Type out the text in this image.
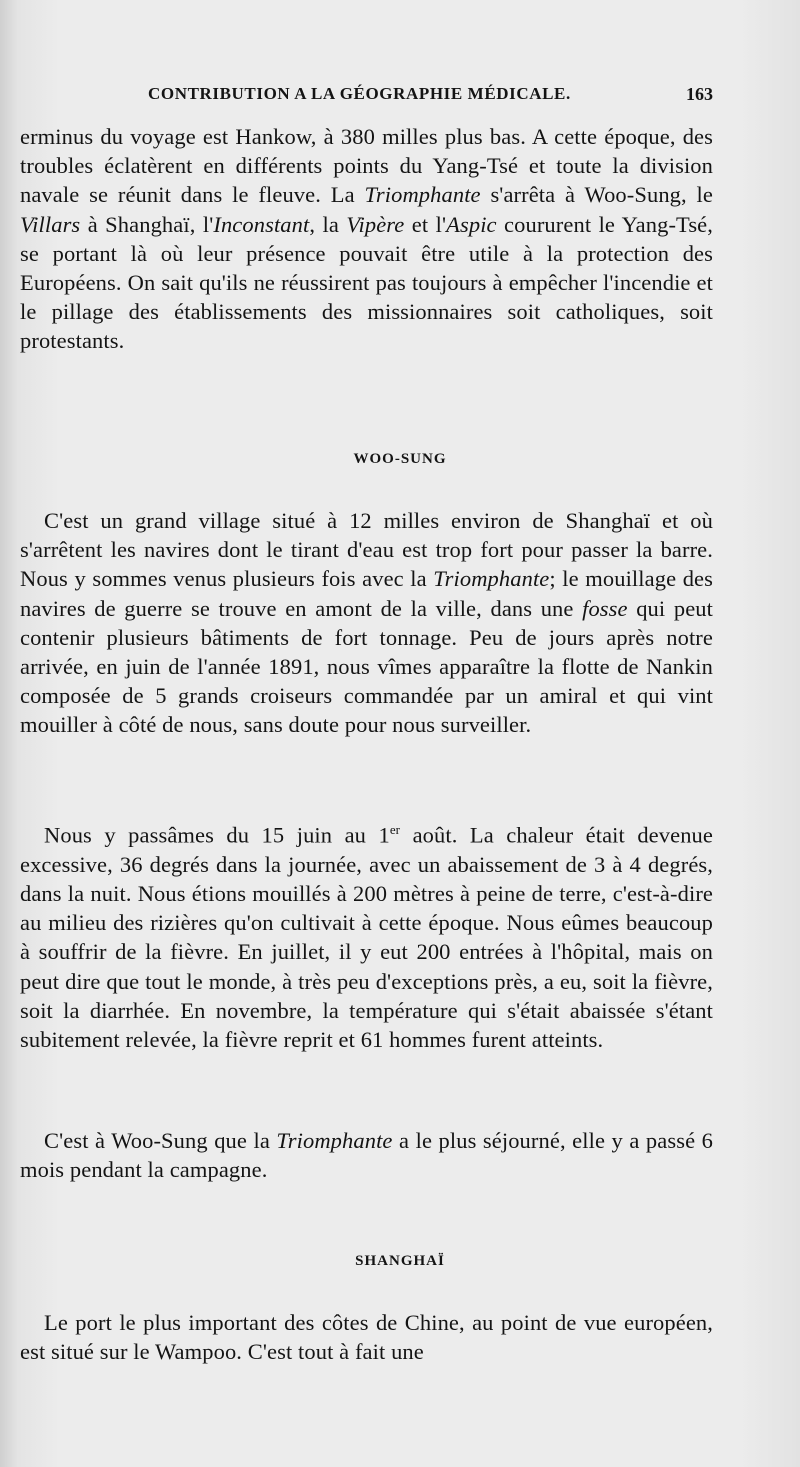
CONTRIBUTION A LA GÉOGRAPHIE MÉDICALE.	163

erminus du voyage est Hankow, à 380 milles plus bas. A cette époque, des troubles éclatèrent en différents points du Yang-Tsé et toute la division navale se réunit dans le fleuve. La Triomphante s'arrêta à Woo-Sung, le Villars à Shanghaï, l'Inconstant, la Vipère et l'Aspic coururent le Yang-Tsé, se portant là où leur présence pouvait être utile à la protection des Européens. On sait qu'ils ne réussirent pas toujours à empêcher l'incendie et le pillage des établissements des missionnaires soit catholiques, soit protestants.

WOO-SUNG

C'est un grand village situé à 12 milles environ de Shanghaï et où s'arrêtent les navires dont le tirant d'eau est trop fort pour passer la barre. Nous y sommes venus plusieurs fois avec la Triomphante; le mouillage des navires de guerre se trouve en amont de la ville, dans une fosse qui peut contenir plusieurs bâtiments de fort tonnage. Peu de jours après notre arrivée, en juin de l'année 1891, nous vîmes apparaître la flotte de Nankin composée de 5 grands croiseurs commandée par un amiral et qui vint mouiller à côté de nous, sans doute pour nous surveiller.

Nous y passâmes du 15 juin au 1er août. La chaleur était devenue excessive, 36 degrés dans la journée, avec un abaissement de 3 à 4 degrés, dans la nuit. Nous étions mouillés à 200 mètres à peine de terre, c'est-à-dire au milieu des rizières qu'on cultivait à cette époque. Nous eûmes beaucoup à souffrir de la fièvre. En juillet, il y eut 200 entrées à l'hôpital, mais on peut dire que tout le monde, à très peu d'exceptions près, a eu, soit la fièvre, soit la diarrhée. En novembre, la température qui s'était abaissée s'étant subitement relevée, la fièvre reprit et 61 hommes furent atteints.

C'est à Woo-Sung que la Triomphante a le plus séjourné, elle y a passé 6 mois pendant la campagne.

SHANGHAÏ

Le port le plus important des côtes de Chine, au point de vue européen, est situé sur le Wampoo. C'est tout à fait une
